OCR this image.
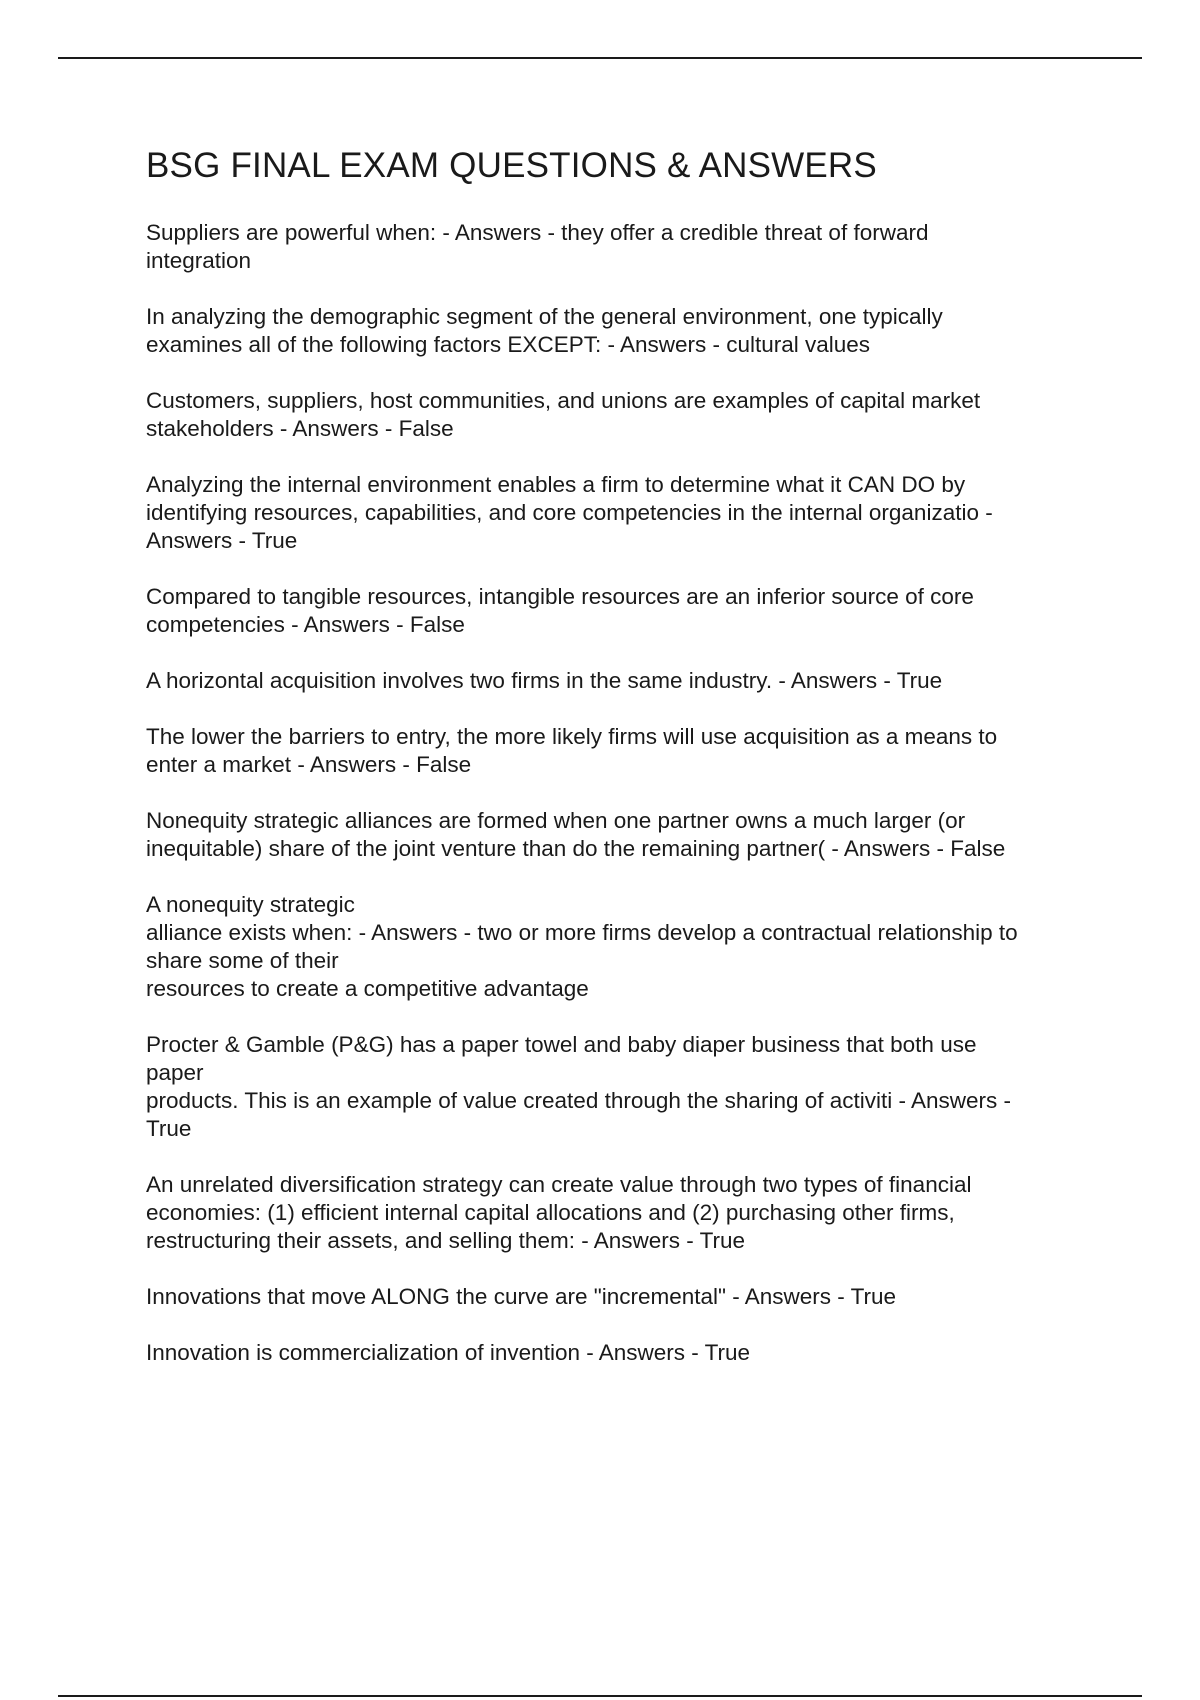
BSG FINAL EXAM QUESTIONS & ANSWERS

Suppliers are powerful when: - Answers - they offer a credible threat of forward
integration

In analyzing the demographic segment of the general environment, one typically
examines all of the following factors EXCEPT: - Answers - cultural values

Customers, suppliers, host communities, and unions are examples of capital market
stakeholders - Answers - False

Analyzing the internal environment enables a firm to determine what it CAN DO by
identifying resources, capabilities, and core competencies in the internal organizatio -
Answers - True

Compared to tangible resources, intangible resources are an inferior source of core
competencies - Answers - False

A horizontal acquisition involves two firms in the same industry. - Answers - True

The lower the barriers to entry, the more likely firms will use acquisition as a means to
enter a market - Answers - False

Nonequity strategic alliances are formed when one partner owns a much larger (or
inequitable) share of the joint venture than do the remaining partner( - Answers - False

A nonequity strategic
alliance exists when: - Answers - two or more firms develop a contractual relationship to
share some of their
resources to create a competitive advantage

Procter & Gamble (P&G) has a paper towel and baby diaper business that both use
paper
products. This is an example of value created through the sharing of activiti - Answers -
True

An unrelated diversification strategy can create value through two types of financial
economies: (1) efficient internal capital allocations and (2) purchasing other firms,
restructuring their assets, and selling them: - Answers - True

Innovations that move ALONG the curve are "incremental" - Answers - True

Innovation is commercialization of invention - Answers - True
